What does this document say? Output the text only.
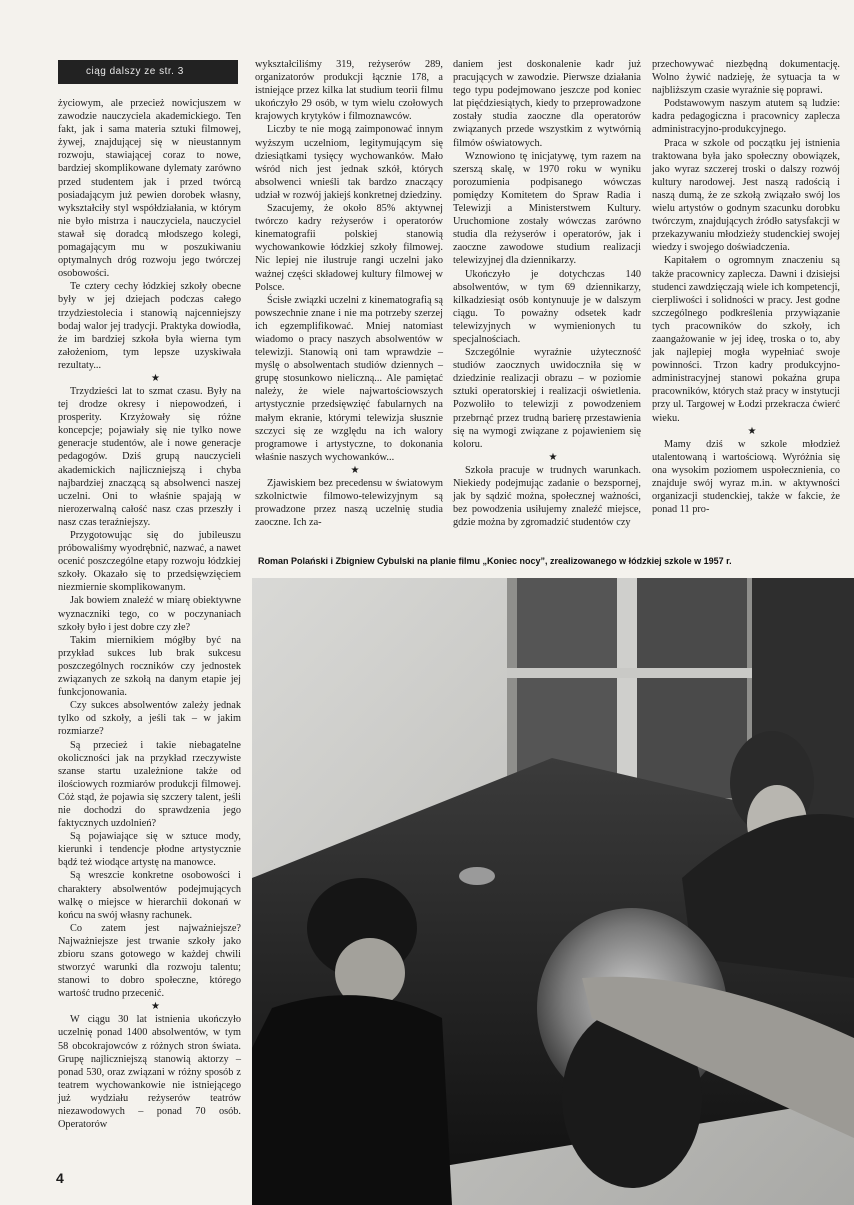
ciąg dalszy ze str. 3

życiowym, ale przecież nowicjuszem w zawodzie nauczyciela akademickiego. Ten fakt, jak i sama materia sztuki filmowej, żywej, znajdującej się w nieustannym rozwoju, stawiającej coraz to nowe, bardziej skomplikowane dylematy zarówno przed studentem jak i przed twórcą posiadającym już pewien dorobek własny, wykształciły styl współdziałania, w którym nie było mistrza i nauczyciela, nauczyciel stawał się doradcą młodszego kolegi, pomagającym mu w poszukiwaniu optymalnych dróg rozwoju jego twórczej osobowości.

Te cztery cechy łódzkiej szkoły obecne były w jej dziejach podczas całego trzydziestolecia i stanowią najcenniejszy bodaj walor jej tradycji. Praktyka dowiodła, że im bardziej szkoła była wierna tym założeniom, tym lepsze uzyskiwała rezultaty...

★

Trzydzieści lat to szmat czasu. Były na tej drodze okresy i niepowodzeń, i prosperity. Krzyżowały się różne koncepcje; pojawiały się nie tylko nowe generacje studentów, ale i nowe generacje pedagogów. Dziś grupą nauczycieli akademickich najliczniejszą i chyba najbardziej znaczącą są absolwenci naszej uczelni. Oni to właśnie spajają w nierozerwalną całość nasz czas przeszły i nasz czas teraźniejszy.

Przygotowując się do jubileuszu próbowaliśmy wyodrębnić, nazwać, a nawet ocenić poszczególne etapy rozwoju łódzkiej szkoły. Okazało się to przedsięwzięciem niezmiernie skomplikowanym.

Jak bowiem znaleźć w miarę obiektywne wyznaczniki tego, co w poczynaniach szkoły było i jest dobre czy złe?

Takim miernikiem mógłby być na przykład sukces lub brak sukcesu poszczególnych roczników czy jednostek związanych ze szkołą na danym etapie jej funkcjonowania.

Czy sukces absolwentów zależy jednak tylko od szkoły, a jeśli tak – w jakim rozmiarze?

Są przecież i takie niebagatelne okoliczności jak na przykład rzeczywiste szanse startu uzależnione także od ilościowych rozmiarów produkcji filmowej. Cóż stąd, że pojawia się szczery talent, jeśli nie dochodzi do sprawdzenia jego faktycznych uzdolnień?

Są pojawiające się w sztuce mody, kierunki i tendencje płodne artystycznie bądź też wiodące artystę na manowce.

Są wreszcie konkretne osobowości i charaktery absolwentów podejmujących walkę o miejsce w hierarchii dokonań w końcu na swój własny rachunek.

Co zatem jest najważniejsze? Najważniejsze jest trwanie szkoły jako zbioru szans gotowego w każdej chwili stworzyć warunki dla rozwoju talentu; stanowi to dobro społeczne, którego wartość trudno przecenić.

★

W ciągu 30 lat istnienia ukończyło uczelnię ponad 1400 absolwentów, w tym 58 obcokrajowców z różnych stron świata. Grupę najliczniejszą stanowią aktorzy – ponad 530, oraz związani w różny sposób z teatrem wychowankowie nie istniejącego już wydziału reżyserów teatrów niezawodowych – ponad 70 osób. Operatorów

wykształciliśmy 319, reżyserów 289, organizatorów produkcji łącznie 178, a istniejące przez kilka lat studium teorii filmu ukończyło 29 osób, w tym wielu czołowych krajowych krytyków i filmoznawców.

Liczby te nie mogą zaimponować innym wyższym uczelniom, legitymującym się dziesiątkami tysięcy wychowanków. Mało wśród nich jest jednak szkół, których absolwenci wnieśli tak bardzo znaczący udział w rozwój jakiejś konkretnej dziedziny.

Szacujemy, że około 85% aktywnej twórczo kadry reżyserów i operatorów kinematografii polskiej stanowią wychowankowie łódzkiej szkoły filmowej. Nic lepiej nie ilustruje rangi uczelni jako ważnej części składowej kultury filmowej w Polsce.

Ścisłe związki uczelni z kinematografią są powszechnie znane i nie ma potrzeby szerzej ich egzemplifikować. Mniej natomiast wiadomo o pracy naszych absolwentów w telewizji. Stanowią oni tam wprawdzie – myślę o absolwentach studiów dziennych – grupę stosunkowo nieliczną... Ale pamiętać należy, że wiele najwartościowszych artystycznie przedsięwzięć fabularnych na małym ekranie, którymi telewizja słusznie szczyci się ze względu na ich walory programowe i artystyczne, to dokonania właśnie naszych wychowanków...

★

Zjawiskiem bez precedensu w światowym szkolnictwie filmowo-telewizyjnym są prowadzone przez naszą uczelnię studia zaoczne. Ich za-

daniem jest doskonalenie kadr już pracujących w zawodzie. Pierwsze działania tego typu podejmowano jeszcze pod koniec lat pięćdziesiątych, kiedy to przeprowadzone zostały studia zaoczne dla operatorów związanych przede wszystkim z wytwórnią filmów oświatowych.

Wznowiono tę inicjatywę, tym razem na szerszą skalę, w 1970 roku w wyniku porozumienia podpisanego wówczas pomiędzy Komitetem do Spraw Radia i Telewizji a Ministerstwem Kultury. Uruchomione zostały wówczas zarówno studia dla reżyserów i operatorów, jak i zaoczne zawodowe studium realizacji telewizyjnej dla dziennikarzy.

Ukończyło je dotychczas 140 absolwentów, w tym 69 dziennikarzy, kilkadziesiąt osób kontynuuje je w dalszym ciągu. To poważny odsetek kadr telewizyjnych w wymienionych tu specjalnościach.

Szczególnie wyraźnie użyteczność studiów zaocznych uwidoczniła się w dziedzinie realizacji obrazu – w poziomie sztuki operatorskiej i realizacji oświetlenia. Pozwoliło to telewizji z powodzeniem przebrnąć przez trudną barierę przestawienia się na wymogi związane z pojawieniem się koloru.

★

Szkoła pracuje w trudnych warunkach. Niekiedy podejmując zadanie o bezspornej, jak by sądzić można, społecznej ważności, bez powodzenia usiłujemy znaleźć miejsce, gdzie można by zgromadzić studentów czy

przechowywać niezbędną dokumentację. Wolno żywić nadzieję, że sytuacja ta w najbliższym czasie wyraźnie się poprawi.

Podstawowym naszym atutem są ludzie: kadra pedagogiczna i pracownicy zaplecza administracyjno-produkcyjnego.

Praca w szkole od początku jej istnienia traktowana była jako społeczny obowiązek, jako wyraz szczerej troski o dalszy rozwój kultury narodowej. Jest naszą radością i naszą dumą, że ze szkołą związało swój los wielu artystów o godnym szacunku dorobku twórczym, znajdujących źródło satysfakcji w przekazywaniu młodzieży studenckiej swojej wiedzy i swojego doświadczenia.

Kapitałem o ogromnym znaczeniu są także pracownicy zaplecza. Dawni i dzisiejsi studenci zawdzięczają wiele ich kompetencji, cierpliwości i solidności w pracy. Jest godne szczególnego podkreślenia przywiązanie tych pracowników do szkoły, ich zaangażowanie w jej ideę, troska o to, aby jak najlepiej mogła wypełniać swoje powinności. Trzon kadry produkcyjno-administracyjnej stanowi pokaźna grupa pracowników, których staż pracy w instytucji przy ul. Targowej w Łodzi przekracza ćwierć wieku.

★

Mamy dziś w szkole młodzież utalentowaną i wartościową. Wyróżnia się ona wysokim poziomem uspołecznienia, co znajduje swój wyraz m.in. w aktywności organizacji studenckiej, także w fakcie, że ponad 11 pro-

Roman Polański i Zbigniew Cybulski na planie filmu „Koniec nocy”, zrealizowanego w łódzkiej szkole w 1957 r.
4
